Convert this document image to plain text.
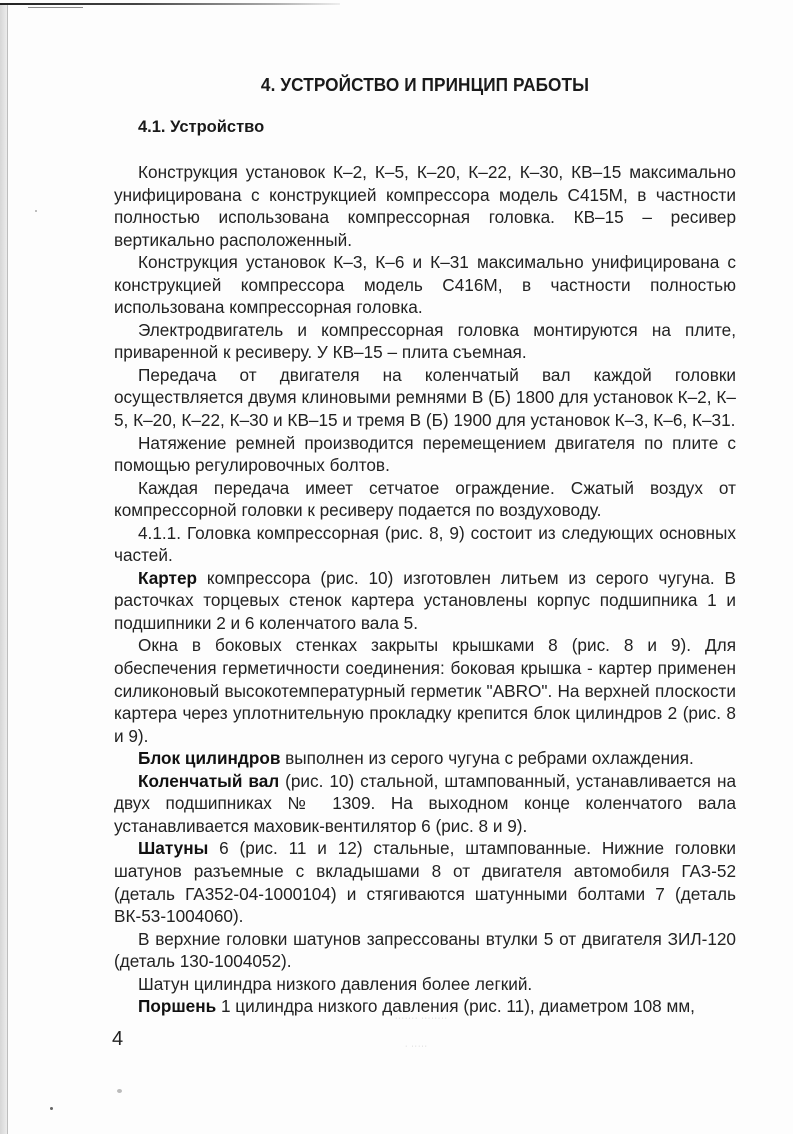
4. УСТРОЙСТВО И ПРИНЦИП РАБОТЫ
4.1. Устройство

Конструкция установок К–2, К–5, К–20, К–22, К–30, КВ–15 максимально унифицирована с конструкцией компрессора модель С415М, в частности полностью использована компрессорная головка. КВ–15 – ресивер вертикально расположенный.

Конструкция установок К–3, К–6 и К–31 максимально унифицирована с конструкцией компрессора модель С416М, в частности полностью использована компрессорная головка.

Электродвигатель и компрессорная головка монтируются на плите, приваренной к ресиверу. У КВ–15 – плита съемная.

Передача от двигателя на коленчатый вал каждой головки осуществляется двумя клиновыми ремнями В (Б) 1800 для установок К–2, К–5, К–20, К–22, К–30 и КВ–15 и тремя В (Б) 1900 для установок К–3, К–6, К–31.

Натяжение ремней производится перемещением двигателя по плите с помощью регулировочных болтов.

Каждая передача имеет сетчатое ограждение. Сжатый воздух от компрессорной головки к ресиверу подается по воздуховоду.

4.1.1. Головка компрессорная (рис. 8, 9) состоит из следующих основных частей.

Картер компрессора (рис. 10) изготовлен литьем из серого чугуна. В расточках торцевых стенок картера установлены корпус подшипника 1 и подшипники 2 и 6 коленчатого вала 5.

Окна в боковых стенках закрыты крышками 8 (рис. 8 и 9). Для обеспечения герметичности соединения: боковая крышка - картер применен силиконовый высокотемпературный герметик "ABRO". На верхней плоскости картера через уплотнительную прокладку крепится блок цилиндров 2 (рис. 8 и 9).

Блок цилиндров выполнен из серого чугуна с ребрами охлаждения.

Коленчатый вал (рис. 10) стальной, штампованный, устанавливается на двух подшипниках № 1309. На выходном конце коленчатого вала устанавливается маховик-вентилятор 6 (рис. 8 и 9).

Шатуны 6 (рис. 11 и 12) стальные, штампованные. Нижние головки шатунов разъемные с вкладышами 8 от двигателя автомобиля ГАЗ-52 (деталь ГА352-04-1000104) и стягиваются шатунными болтами 7 (деталь ВК-53-1004060).

В верхние головки шатунов запрессованы втулки 5 от двигателя ЗИЛ-120 (деталь 130-1004052).

Шатун цилиндра низкого давления более легкий.

Поршень 1 цилиндра низкого давления (рис. 11), диаметром 108 мм,

4
······· ········
· ·····
